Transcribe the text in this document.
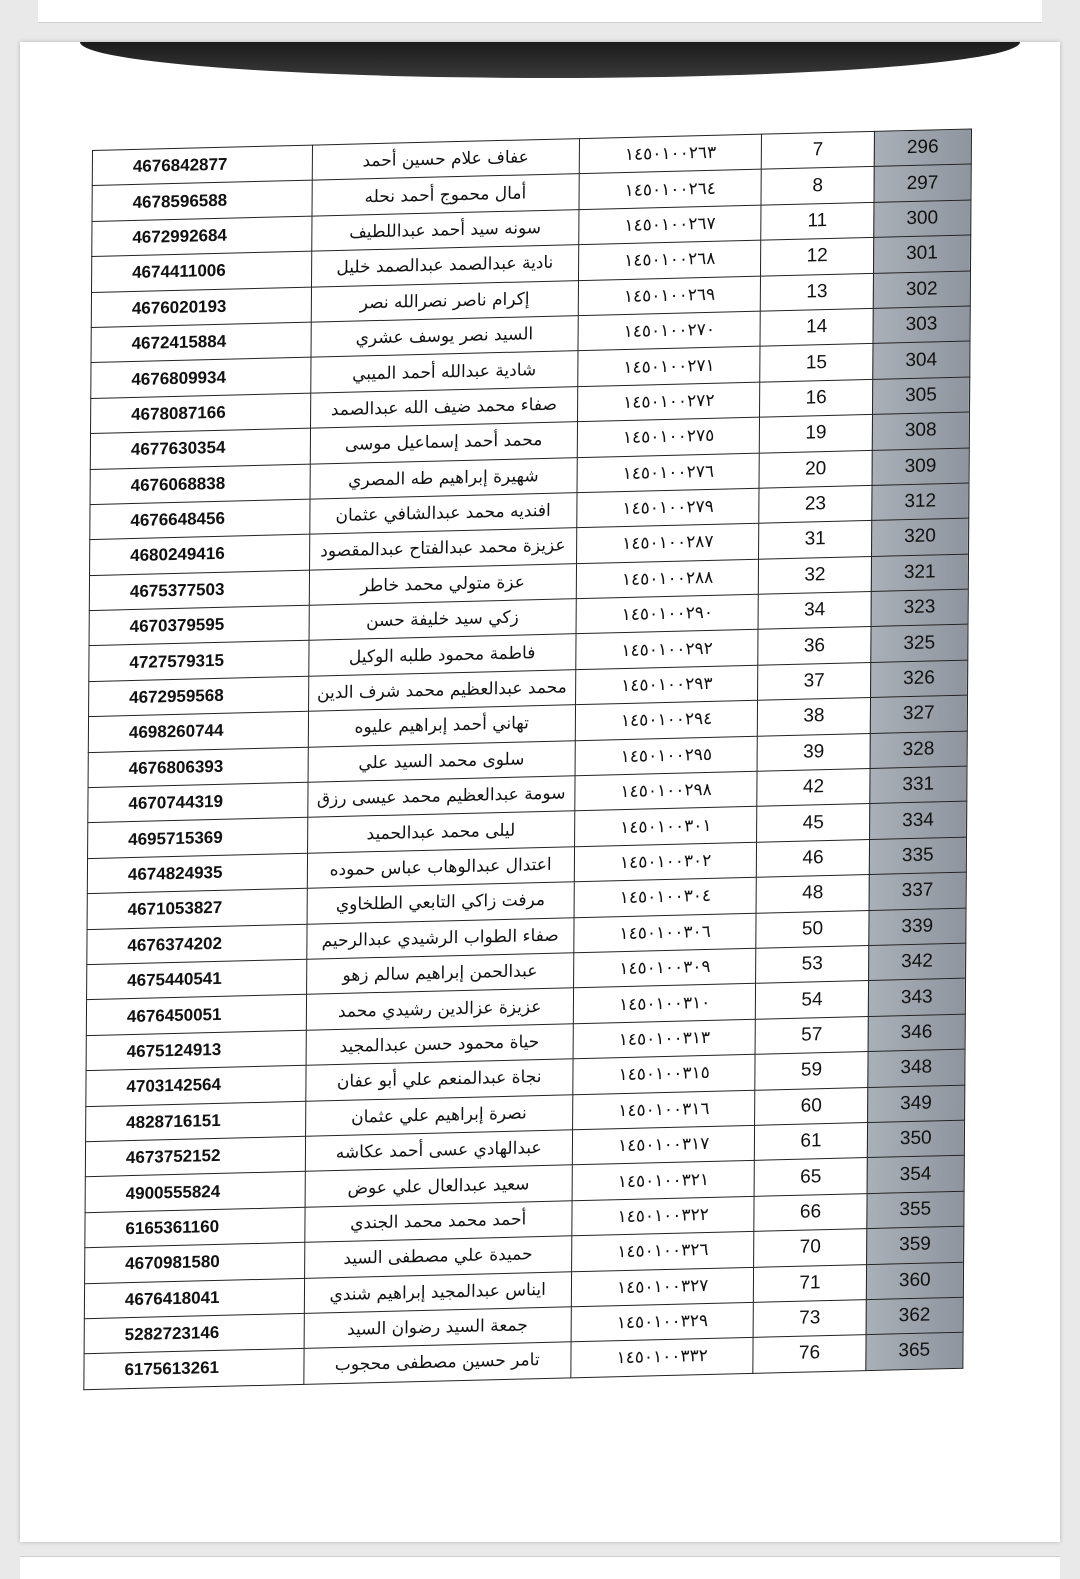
4676842877	عفاف علام حسين أحمد	١٤٥٠١٠٠٢٦٣	7	296
4678596588	أمال محموج أحمد نحله	١٤٥٠١٠٠٢٦٤	8	297
4672992684	سونه سيد أحمد عبداللطيف	١٤٥٠١٠٠٢٦٧	11	300
4674411006	نادية عبدالصمد عبدالصمد خليل	١٤٥٠١٠٠٢٦٨	12	301
4676020193	إكرام ناصر نصرالله نصر	١٤٥٠١٠٠٢٦٩	13	302
4672415884	السيد نصر يوسف عشري	١٤٥٠١٠٠٢٧٠	14	303
4676809934	شادية عبدالله أحمد الميبي	١٤٥٠١٠٠٢٧١	15	304
4678087166	صفاء محمد ضيف الله عبدالصمد	١٤٥٠١٠٠٢٧٢	16	305
4677630354	محمد أحمد إسماعيل موسى	١٤٥٠١٠٠٢٧٥	19	308
4676068838	شهيرة إبراهيم طه المصري	١٤٥٠١٠٠٢٧٦	20	309
4676648456	افنديه محمد عبدالشافي عثمان	١٤٥٠١٠٠٢٧٩	23	312
4680249416	عزيزة محمد عبدالفتاح عبدالمقصود	١٤٥٠١٠٠٢٨٧	31	320
4675377503	عزة متولي محمد خاطر	١٤٥٠١٠٠٢٨٨	32	321
4670379595	زكي سيد خليفة حسن	١٤٥٠١٠٠٢٩٠	34	323
4727579315	فاطمة محمود طلبه الوكيل	١٤٥٠١٠٠٢٩٢	36	325
4672959568	محمد عبدالعظيم محمد شرف الدين	١٤٥٠١٠٠٢٩٣	37	326
4698260744	تهاني أحمد إبراهيم عليوه	١٤٥٠١٠٠٢٩٤	38	327
4676806393	سلوى محمد السيد علي	١٤٥٠١٠٠٢٩٥	39	328
4670744319	سومة عبدالعظيم محمد عيسى رزق	١٤٥٠١٠٠٢٩٨	42	331
4695715369	ليلى محمد عبدالحميد	١٤٥٠١٠٠٣٠١	45	334
4674824935	اعتدال عبدالوهاب عباس حموده	١٤٥٠١٠٠٣٠٢	46	335
4671053827	مرفت زاكي التابعي الطلخاوي	١٤٥٠١٠٠٣٠٤	48	337
4676374202	صفاء الطواب الرشيدي عبدالرحيم	١٤٥٠١٠٠٣٠٦	50	339
4675440541	عبدالحمن إبراهيم سالم زهو	١٤٥٠١٠٠٣٠٩	53	342
4676450051	عزيزة عزالدين رشيدي محمد	١٤٥٠١٠٠٣١٠	54	343
4675124913	حياة محمود حسن عبدالمجيد	١٤٥٠١٠٠٣١٣	57	346
4703142564	نجاة عبدالمنعم علي أبو عفان	١٤٥٠١٠٠٣١٥	59	348
4828716151	نصرة إبراهيم علي عثمان	١٤٥٠١٠٠٣١٦	60	349
4673752152	عبدالهادي عسى أحمد عكاشه	١٤٥٠١٠٠٣١٧	61	350
4900555824	سعيد عبدالعال علي عوض	١٤٥٠١٠٠٣٢١	65	354
6165361160	أحمد محمد محمد الجندي	١٤٥٠١٠٠٣٢٢	66	355
4670981580	حميدة علي مصطفى السيد	١٤٥٠١٠٠٣٢٦	70	359
4676418041	ايناس عبدالمجيد إبراهيم شندي	١٤٥٠١٠٠٣٢٧	71	360
5282723146	جمعة السيد رضوان السيد	١٤٥٠١٠٠٣٢٩	73	362
6175613261	تامر حسين مصطفى محجوب	١٤٥٠١٠٠٣٣٢	76	365
